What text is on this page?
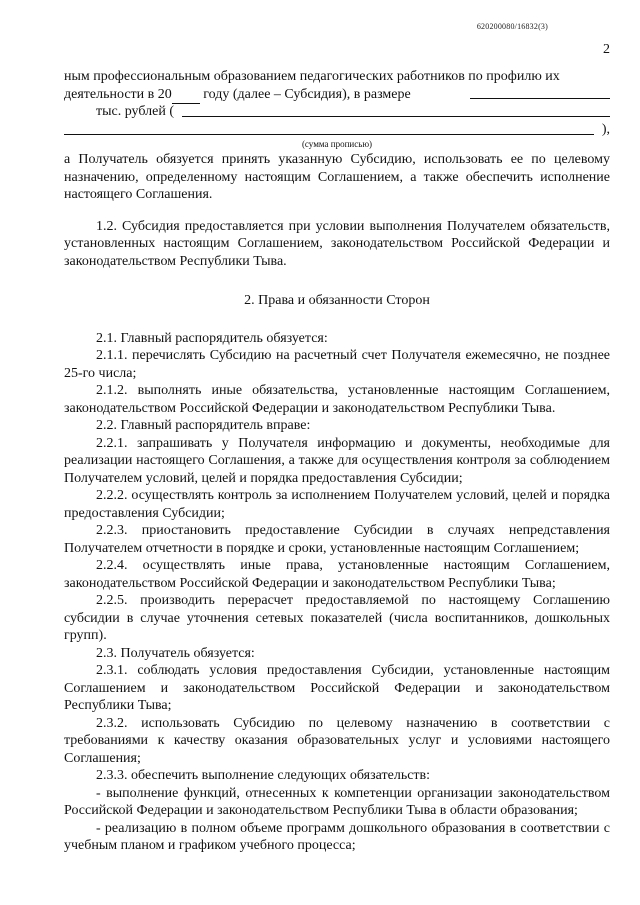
620200080/16832(3)
2

ным профессиональным образованием педагогических работников по профилю их

деятельности в 20 году (далее – Субсидия), в размере
тыс. рублей (
),
(сумма прописью)

а Получатель обязуется принять указанную Субсидию, использовать ее по целевому назначению, определенному настоящим Соглашением, а также обеспечить исполнение настоящего Соглашения.

1.2. Субсидия предоставляется при условии выполнения Получателем обязательств, установленных настоящим Соглашением, законодательством Российской Федерации и законодательством Республики Тыва.

2. Права и обязанности Сторон

2.1. Главный распорядитель обязуется:

2.1.1. перечислять Субсидию на расчетный счет Получателя ежемесячно, не позднее 25-го числа;

2.1.2. выполнять иные обязательства, установленные настоящим Соглашением, законодательством Российской Федерации и законодательством Республики Тыва.

2.2. Главный распорядитель вправе:

2.2.1. запрашивать у Получателя информацию и документы, необходимые для реализации настоящего Соглашения, а также для осуществления контроля за соблюдением Получателем условий, целей и порядка предоставления Субсидии;

2.2.2. осуществлять контроль за исполнением Получателем условий, целей и порядка предоставления Субсидии;

2.2.3. приостановить предоставление Субсидии в случаях непредставления Получателем отчетности в порядке и сроки, установленные настоящим Соглашением;

2.2.4. осуществлять иные права, установленные настоящим Соглашением, законодательством Российской Федерации и законодательством Республики Тыва;

2.2.5. производить перерасчет предоставляемой по настоящему Соглашению субсидии в случае уточнения сетевых показателей (числа воспитанников, дошкольных групп).

2.3. Получатель обязуется:

2.3.1. соблюдать условия предоставления Субсидии, установленные настоящим Соглашением и законодательством Российской Федерации и законодательством Республики Тыва;

2.3.2. использовать Субсидию по целевому назначению в соответствии с требованиями к качеству оказания образовательных услуг и условиями настоящего Соглашения;

2.3.3. обеспечить выполнение следующих обязательств:

- выполнение функций, отнесенных к компетенции организации законодательством Российской Федерации и законодательством Республики Тыва в области образования;

- реализацию в полном объеме программ дошкольного образования в соответствии с учебным планом и графиком учебного процесса;
